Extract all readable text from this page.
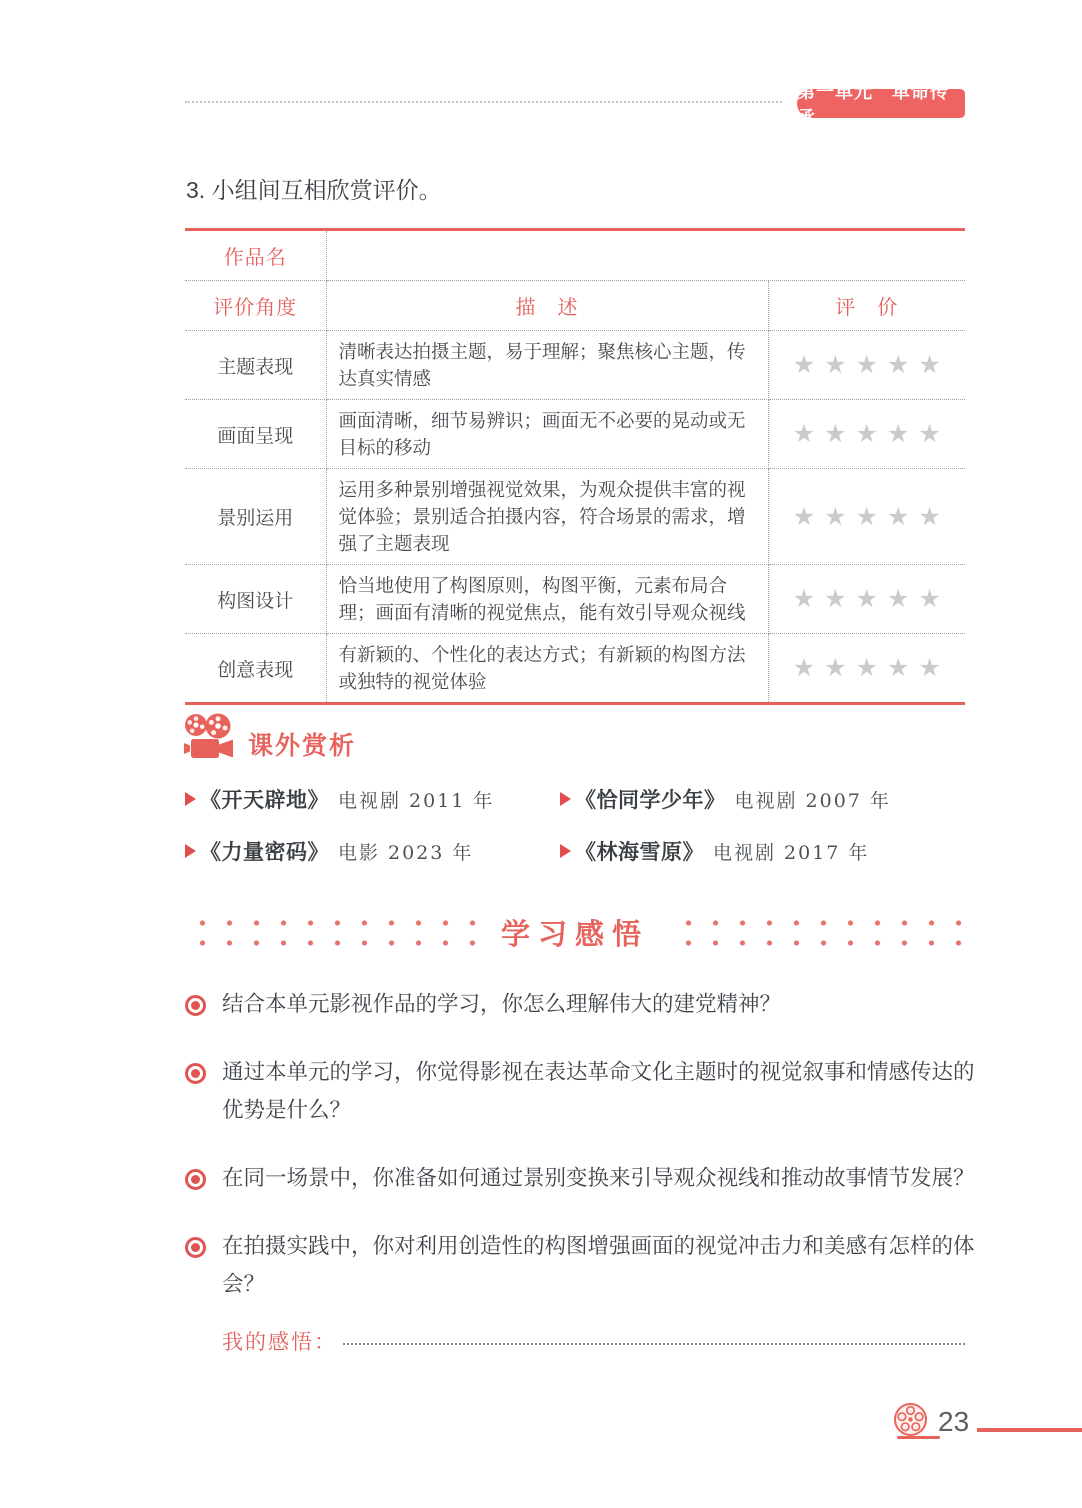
第一单元　革命传承
3. 小组间互相欣赏评价。
作品名		
评价角度	描　述	评　价
主题表现	清晰表达拍摄主题，易于理解；聚焦核心主题，传达真实情感	★★★★★
画面呈现	画面清晰，细节易辨识；画面无不必要的晃动或无目标的移动	★★★★★
景别运用	运用多种景别增强视觉效果，为观众提供丰富的视觉体验；景别适合拍摄内容，符合场景的需求，增强了主题表现	★★★★★
构图设计	恰当地使用了构图原则，构图平衡，元素布局合理；画面有清晰的视觉焦点，能有效引导观众视线	★★★★★
创意表现	有新颖的、个性化的表达方式；有新颖的构图方法或独特的视觉体验	★★★★★
课外赏析
《开天辟地》 电视剧 2011 年	《恰同学少年》 电视剧 2007 年
《力量密码》 电影 2023 年	《林海雪原》 电视剧 2017 年
学习感悟

结合本单元影视作品的学习，你怎么理解伟大的建党精神？

通过本单元的学习，你觉得影视在表达革命文化主题时的视觉叙事和情感传达的优势是什么？

在同一场景中，你准备如何通过景别变换来引导观众视线和推动故事情节发展？

在拍摄实践中，你对利用创造性的构图增强画面的视觉冲击力和美感有怎样的体会？

我的感悟：
23
